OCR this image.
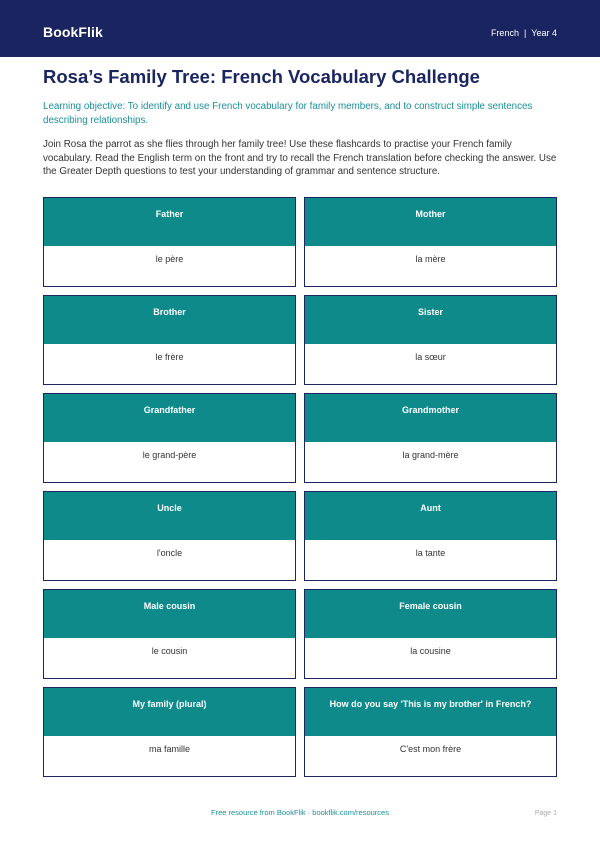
BookFlik	French | Year 4
Rosa’s Family Tree: French Vocabulary Challenge

Learning objective: To identify and use French vocabulary for family members, and to construct simple sentences describing relationships.

Join Rosa the parrot as she flies through her family tree! Use these flashcards to practise your French family vocabulary. Read the English term on the front and try to recall the French translation before checking the answer. Use the Greater Depth questions to test your understanding of grammar and sentence structure.

Father
le père
Mother
la mère
Brother
le frère
Sister
la sœur
Grandfather
le grand-père
Grandmother
la grand-mère
Uncle
l'oncle
Aunt
la tante
Male cousin
le cousin
Female cousin
la cousine
My family (plural)
ma famille
How do you say 'This is my brother' in French?
C'est mon frère
Free resource from BookFlik · bookflik.com/resources	Page 1
